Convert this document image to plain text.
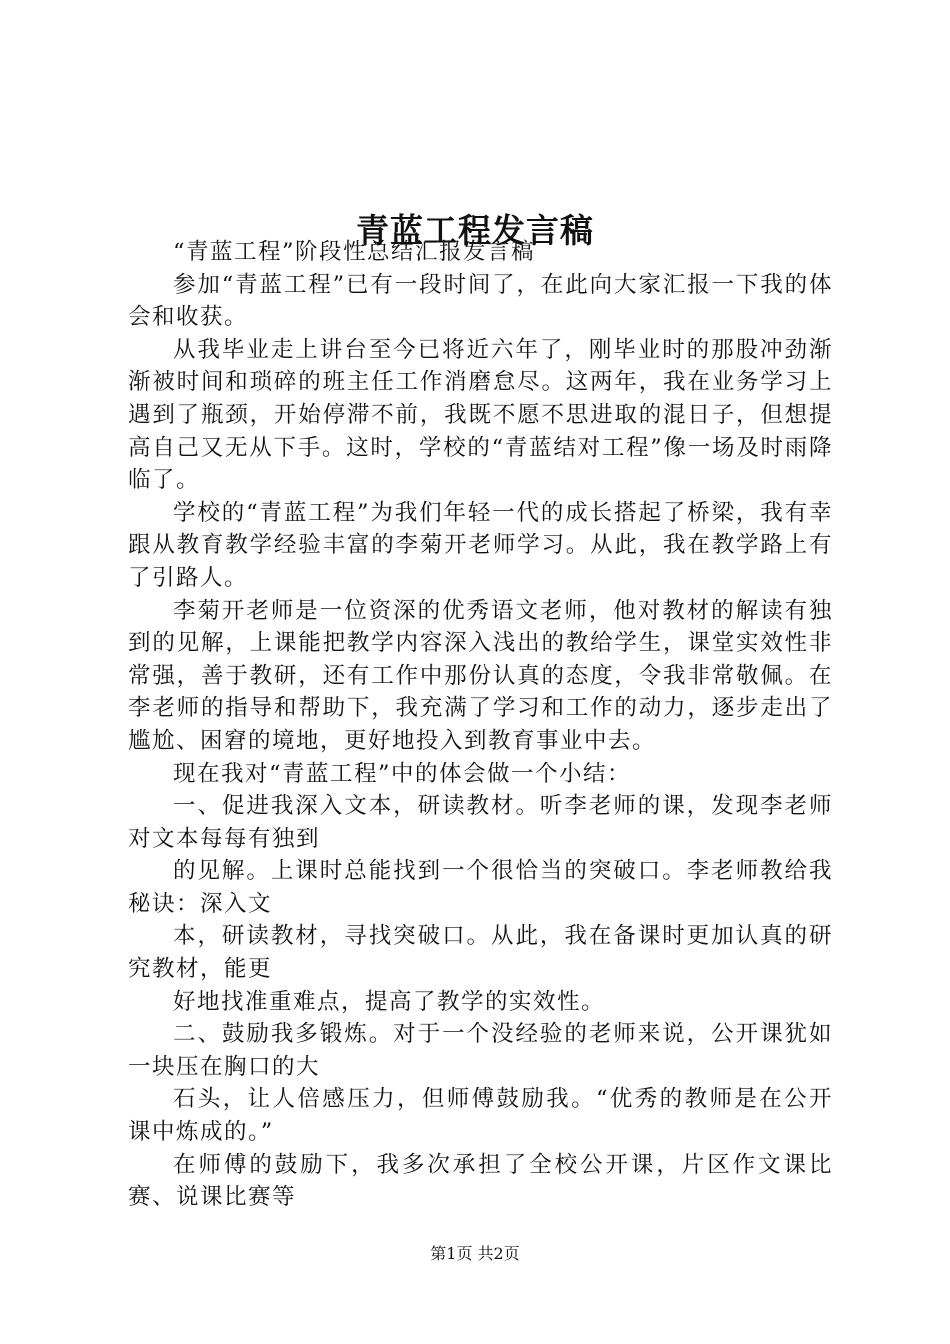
青蓝工程发言稿

“青蓝工程”阶段性总结汇报发言稿

参加“青蓝工程”已有一段时间了，在此向大家汇报一下我的体会和收获。

从我毕业走上讲台至今已将近六年了，刚毕业时的那股冲劲渐渐被时间和琐碎的班主任工作消磨怠尽。这两年，我在业务学习上遇到了瓶颈，开始停滞不前，我既不愿不思进取的混日子，但想提高自己又无从下手。这时，学校的“青蓝结对工程”像一场及时雨降临了。

学校的“青蓝工程”为我们年轻一代的成长搭起了桥梁，我有幸跟从教育教学经验丰富的李菊开老师学习。从此，我在教学路上有了引路人。

李菊开老师是一位资深的优秀语文老师，他对教材的解读有独到的见解，上课能把教学内容深入浅出的教给学生，课堂实效性非常强，善于教研，还有工作中那份认真的态度，令我非常敬佩。在李老师的指导和帮助下，我充满了学习和工作的动力，逐步走出了尴尬、困窘的境地，更好地投入到教育事业中去。

现在我对“青蓝工程”中的体会做一个小结：

一、促进我深入文本，研读教材。听李老师的课，发现李老师对文本每每有独到

的见解。上课时总能找到一个很恰当的突破口。李老师教给我秘诀：深入文

本，研读教材，寻找突破口。从此，我在备课时更加认真的研究教材，能更

好地找准重难点，提高了教学的实效性。

二、鼓励我多锻炼。对于一个没经验的老师来说，公开课犹如一块压在胸口的大

石头，让人倍感压力，但师傅鼓励我。“优秀的教师是在公开课中炼成的。”

在师傅的鼓励下，我多次承担了全校公开课，片区作文课比赛、说课比赛等

第1页 共2页
